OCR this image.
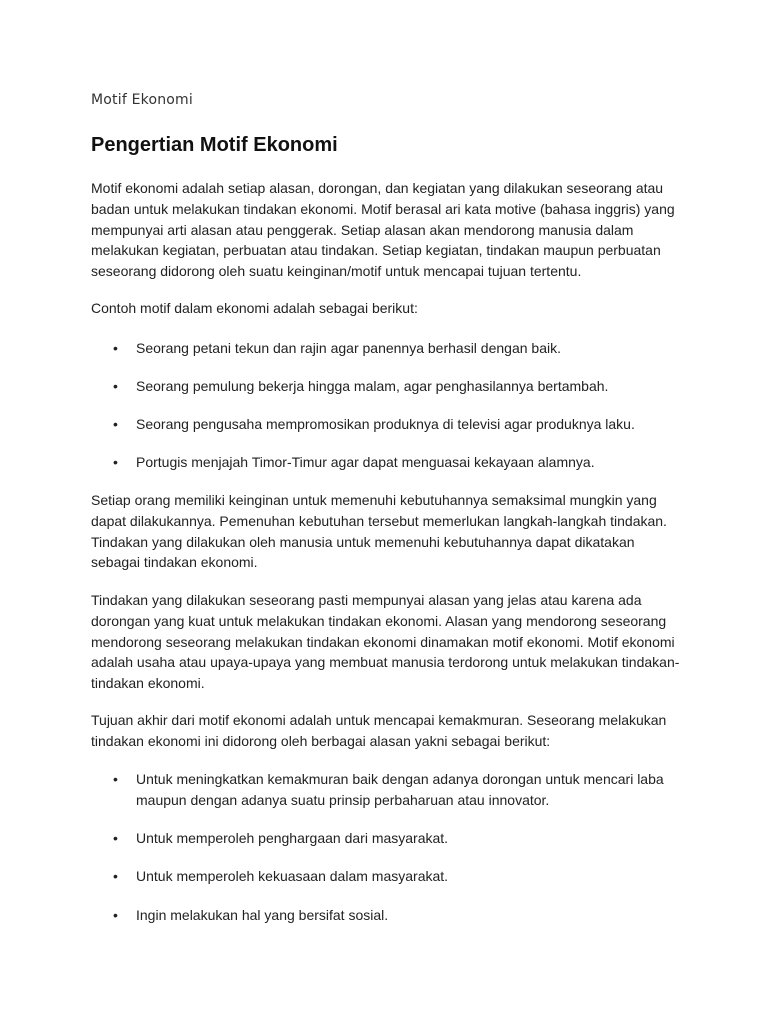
Motif Ekonomi
Pengertian Motif Ekonomi

Motif ekonomi adalah setiap alasan, dorongan, dan kegiatan yang dilakukan seseorang atau badan untuk melakukan tindakan ekonomi. Motif berasal ari kata motive (bahasa inggris) yang mempunyai arti alasan atau penggerak. Setiap alasan akan mendorong manusia dalam melakukan kegiatan, perbuatan atau tindakan. Setiap kegiatan, tindakan maupun perbuatan seseorang didorong oleh suatu keinginan/motif untuk mencapai tujuan tertentu.

Contoh motif dalam ekonomi adalah sebagai berikut:

• Seorang petani tekun dan rajin agar panennya berhasil dengan baik.
• Seorang pemulung bekerja hingga malam, agar penghasilannya bertambah.
• Seorang pengusaha mempromosikan produknya di televisi agar produknya laku.
• Portugis menjajah Timor-Timur agar dapat menguasai kekayaan alamnya.

Setiap orang memiliki keinginan untuk memenuhi kebutuhannya semaksimal mungkin yang dapat dilakukannya. Pemenuhan kebutuhan tersebut memerlukan langkah-langkah tindakan. Tindakan yang dilakukan oleh manusia untuk memenuhi kebutuhannya dapat dikatakan sebagai tindakan ekonomi.

Tindakan yang dilakukan seseorang pasti mempunyai alasan yang jelas atau karena ada dorongan yang kuat untuk melakukan tindakan ekonomi. Alasan yang mendorong seseorang mendorong seseorang melakukan tindakan ekonomi dinamakan motif ekonomi. Motif ekonomi adalah usaha atau upaya-upaya yang membuat manusia terdorong untuk melakukan tindakan-tindakan ekonomi.

Tujuan akhir dari motif ekonomi adalah untuk mencapai kemakmuran. Seseorang melakukan tindakan ekonomi ini didorong oleh berbagai alasan yakni sebagai berikut:

• Untuk meningkatkan kemakmuran baik dengan adanya dorongan untuk mencari laba maupun dengan adanya suatu prinsip perbaharuan atau innovator.
• Untuk memperoleh penghargaan dari masyarakat.
• Untuk memperoleh kekuasaan dalam masyarakat.
• Ingin melakukan hal yang bersifat sosial.
